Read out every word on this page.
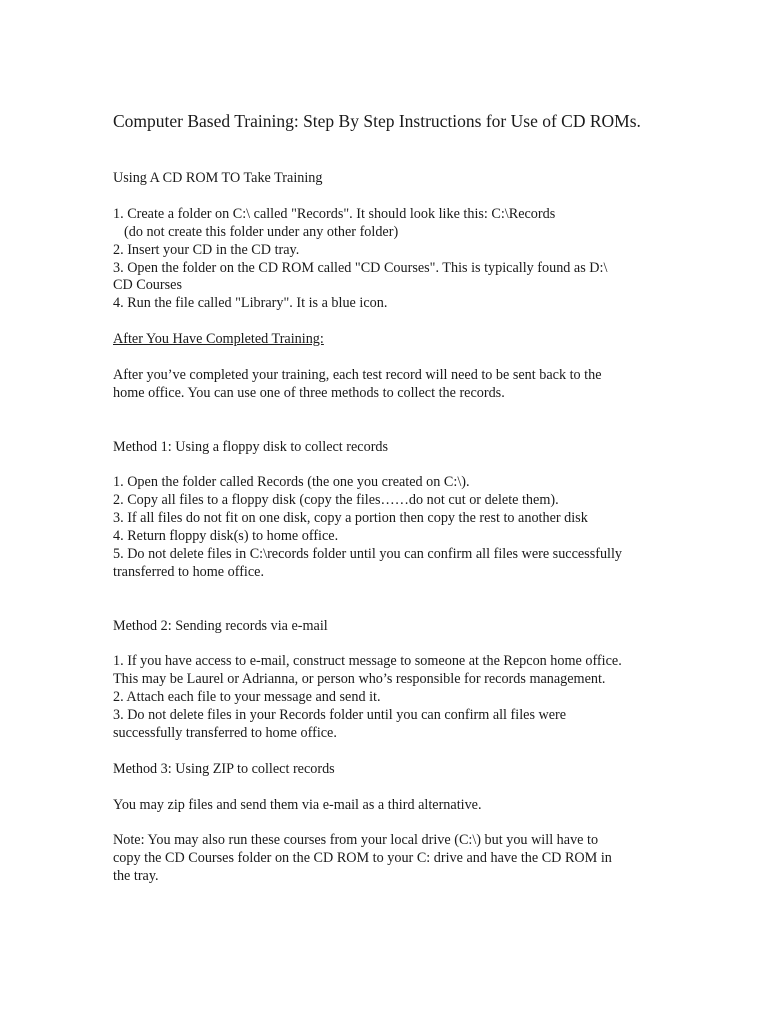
Computer Based Training: Step By Step Instructions for Use of CD ROMs.
Using A CD ROM TO Take Training
1. Create a folder on C:\ called "Records". It should look like this: C:\Records
(do not create this folder under any other folder)
2. Insert your CD in the CD tray.
3. Open the folder on the CD ROM called "CD Courses". This is typically found as D:\
CD Courses
4. Run the file called "Library". It is a blue icon.
After You Have Completed Training:
After you’ve completed your training, each test record will need to be sent back to the
home office. You can use one of three methods to collect the records.
Method 1: Using a floppy disk to collect records
1. Open the folder called Records (the one you created on C:\).
2. Copy all files to a floppy disk (copy the files……do not cut or delete them).
3. If all files do not fit on one disk, copy a portion then copy the rest to another disk
4. Return floppy disk(s) to home office.
5. Do not delete files in C:\records folder until you can confirm all files were successfully
transferred to home office.
Method 2: Sending records via e-mail
1. If you have access to e-mail, construct message to someone at the Repcon home office.
This may be Laurel or Adrianna, or person who’s responsible for records management.
2. Attach each file to your message and send it.
3. Do not delete files in your Records folder until you can confirm all files were
successfully transferred to home office.
Method 3: Using ZIP to collect records
You may zip files and send them via e-mail as a third alternative.
Note: You may also run these courses from your local drive (C:\) but you will have to
copy the CD Courses folder on the CD ROM to your C: drive and have the CD ROM in
the tray.
